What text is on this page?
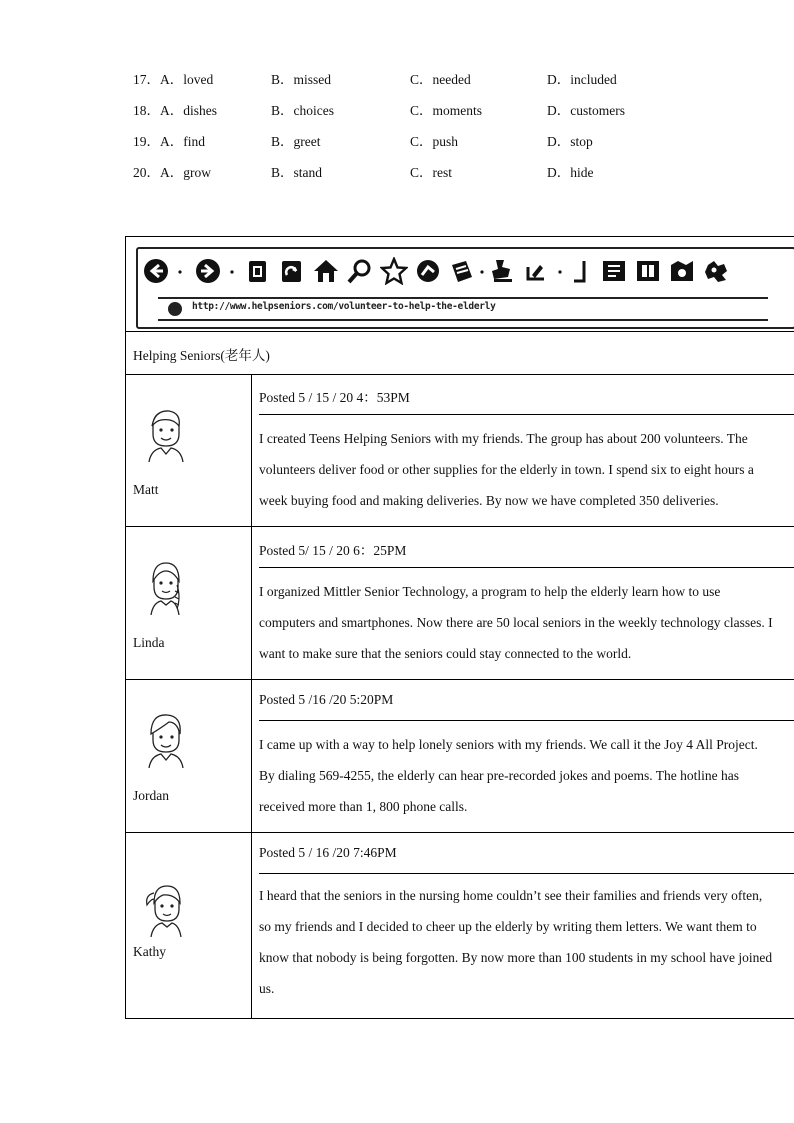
17．A．loved	B．missed	C．needed	D．included
18．A．dishes	B．choices	C．moments	D．customers
19．A．find	B．greet	C．push	D．stop
20．A．grow	B．stand	C．rest	D．hide
http://www.helpseniors.com/volunteer-to-help-the-elderly
Helping Seniors(老年人)
Matt
Posted 5 / 15 / 20 4：53PM
I created Teens Helping Seniors with my friends. The group has about 200 volunteers. The
volunteers deliver food or other supplies for the elderly in town. I spend six to eight hours a
week buying food and making deliveries. By now we have completed 350 deliveries.
Linda
Posted 5/ 15 / 20 6：25PM
I organized Mittler Senior Technology, a program to help the elderly learn how to use
computers and smartphones. Now there are 50 local seniors in the weekly technology classes. I
want to make sure that the seniors could stay connected to the world.
Jordan
Posted 5 /16 /20 5:20PM
I came up with a way to help lonely seniors with my friends. We call it the Joy 4 All Project.
By dialing 569-4255, the elderly can hear pre-recorded jokes and poems. The hotline has
received more than 1, 800 phone calls.
Kathy
Posted 5 / 16 /20 7:46PM
I heard that the seniors in the nursing home couldn’t see their families and friends very often,
so my friends and I decided to cheer up the elderly by writing them letters. We want them to
know that nobody is being forgotten. By now more than 100 students in my school have joined
us.
